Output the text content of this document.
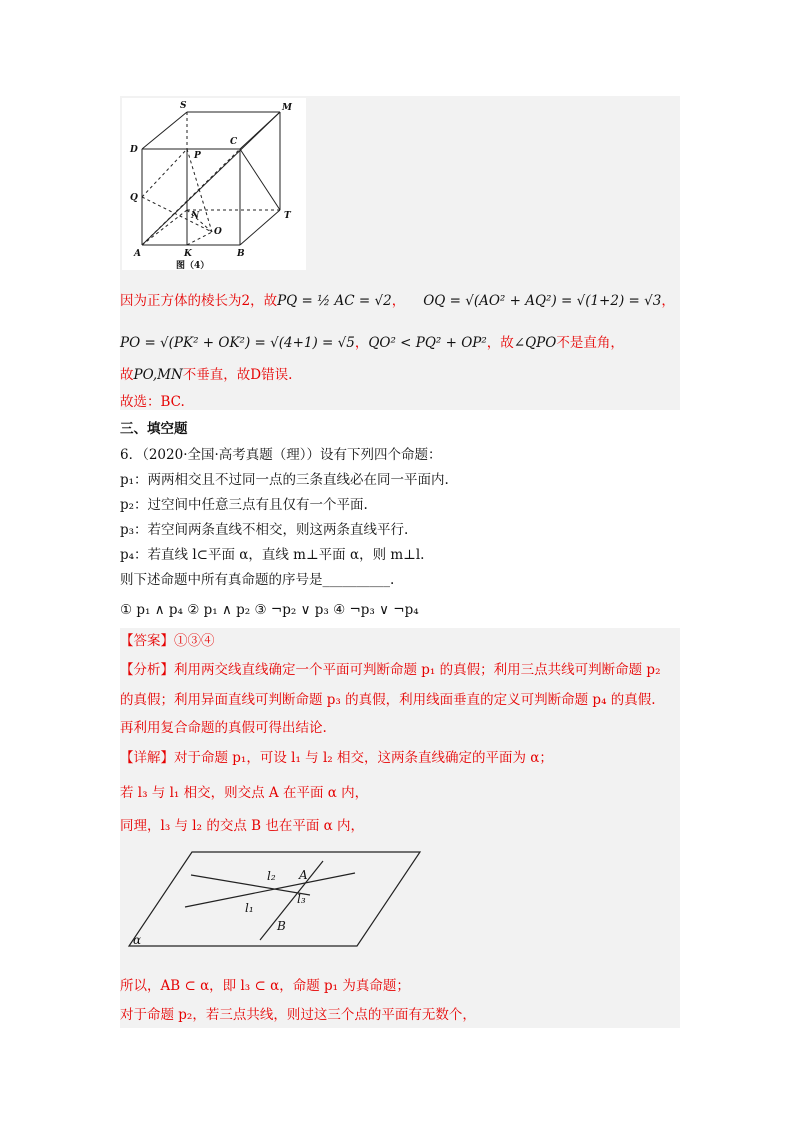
S	M
D
C
P
Q
N
O
T
A	K	B
图（4）
因为正方体的棱长为2，故PQ = ½ AC = √2， OQ = √(AO² + AQ²) = √(1+2) = √3，
PO = √(PK² + OK²) = √(4+1) = √5，QO² < PQ² + OP²，故∠QPO不是直角，
故PO,MN不垂直，故D错误.
故选：BC.
三、填空题
6．（2020·全国·高考真题（理））设有下列四个命题：
p₁：两两相交且不过同一点的三条直线必在同一平面内.
p₂：过空间中任意三点有且仅有一个平面.
p₃：若空间两条直线不相交，则这两条直线平行.
p₄：若直线 l⊂平面 α，直线 m⊥平面 α，则 m⊥l.
则下述命题中所有真命题的序号是__________.
① p₁ ∧ p₄ ② p₁ ∧ p₂ ③ ¬p₂ ∨ p₃ ④ ¬p₃ ∨ ¬p₄
【答案】①③④
【分析】利用两交线直线确定一个平面可判断命题 p₁ 的真假；利用三点共线可判断命题 p₂
的真假；利用异面直线可判断命题 p₃ 的真假，利用线面垂直的定义可判断命题 p₄ 的真假.
再利用复合命题的真假可得出结论.
【详解】对于命题 p₁，可设 l₁ 与 l₂ 相交，这两条直线确定的平面为 α；
若 l₃ 与 l₁ 相交，则交点 A 在平面 α 内，
同理，l₃ 与 l₂ 的交点 B 也在平面 α 内，
l₂ A
l₃
l₁
B
α
所以，AB ⊂ α，即 l₃ ⊂ α，命题 p₁ 为真命题；
对于命题 p₂，若三点共线，则过这三个点的平面有无数个，
